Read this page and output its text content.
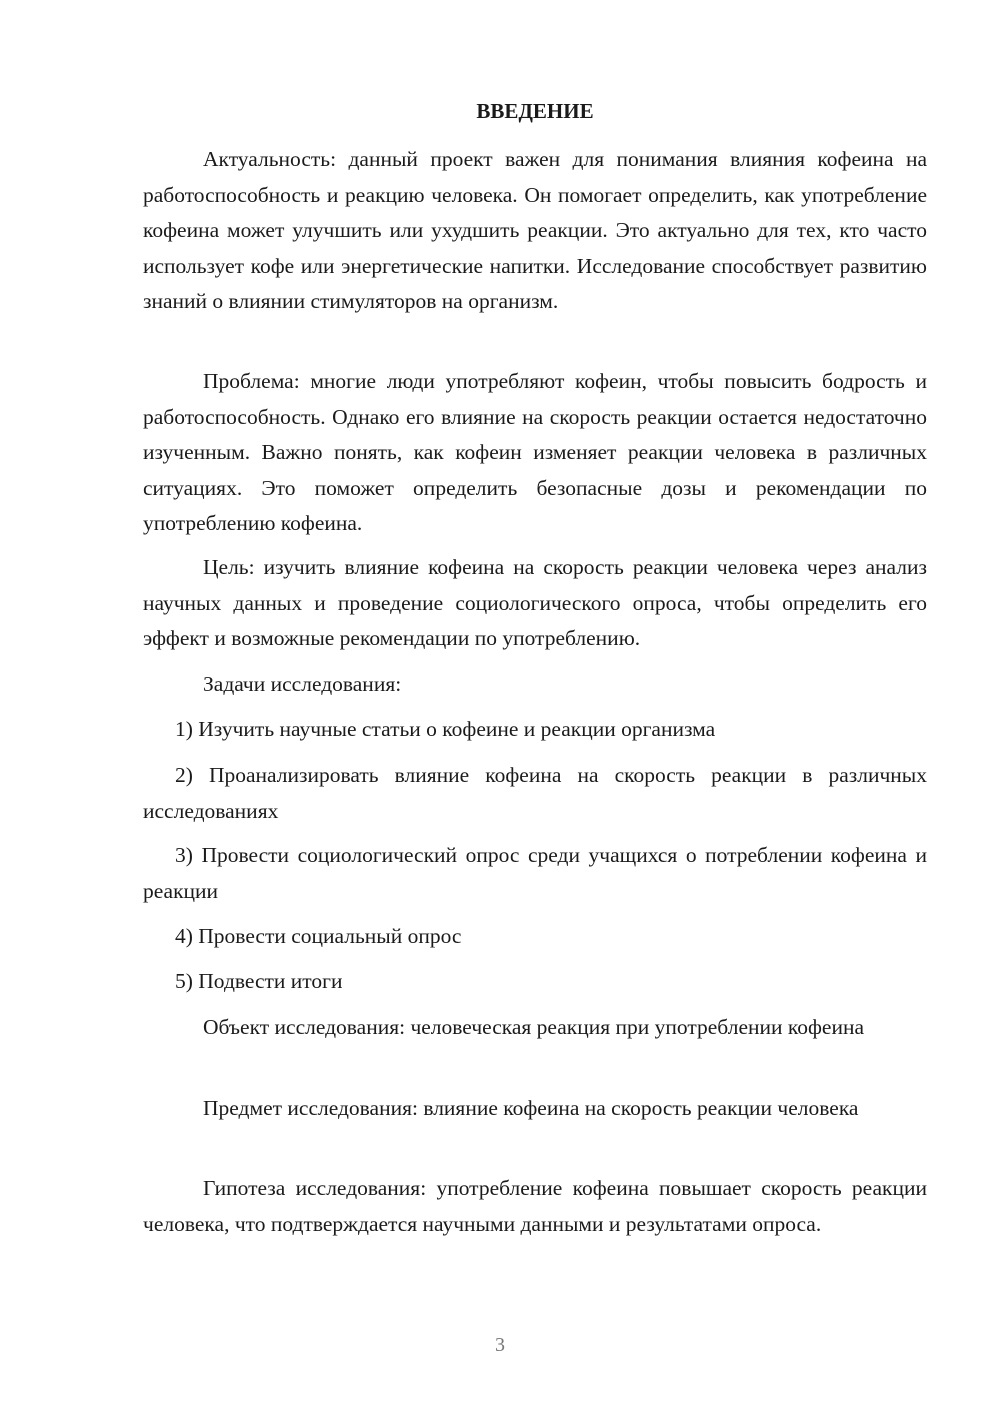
ВВЕДЕНИЕ

Актуальность: данный проект важен для понимания влияния кофеина на работоспособность и реакцию человека. Он помогает определить, как употребление кофеина может улучшить или ухудшить реакции. Это актуально для тех, кто часто использует кофе или энергетические напитки. Исследование способствует развитию знаний о влиянии стимуляторов на организм.

Проблема: многие люди употребляют кофеин, чтобы повысить бодрость и работоспособность. Однако его влияние на скорость реакции остается недостаточно изученным. Важно понять, как кофеин изменяет реакции человека в различных ситуациях. Это поможет определить безопасные дозы и рекомендации по употреблению кофеина.

Цель: изучить влияние кофеина на скорость реакции человека через анализ научных данных и проведение социологического опроса, чтобы определить его эффект и возможные рекомендации по употреблению.

Задачи исследования:

1) Изучить научные статьи о кофеине и реакции организма

2) Проанализировать влияние кофеина на скорость реакции в различных исследованиях

3) Провести социологический опрос среди учащихся о потреблении кофеина и реакции

4) Провести социальный опрос

5) Подвести итоги

Объект исследования: человеческая реакция при употреблении кофеина

Предмет исследования: влияние кофеина на скорость реакции человека

Гипотеза исследования: употребление кофеина повышает скорость реакции человека, что подтверждается научными данными и результатами опроса.

3
